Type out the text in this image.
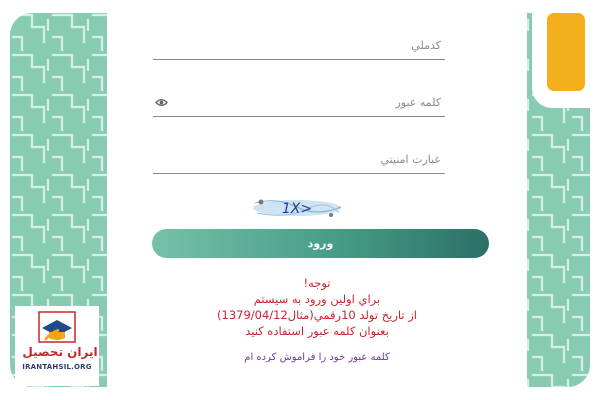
کدملي
عبارت امنيتي
1X>
ورود
توجه!
براي اولين ورود به سيستم
از تاريخ تولد 10رقمي(مثال1379/04/12)
بعنوان کلمه عبور استفاده کنيد
کلمه عبور خود را فراموش کرده ام
ایران تحصیل
IRANTAHSIL.ORG
